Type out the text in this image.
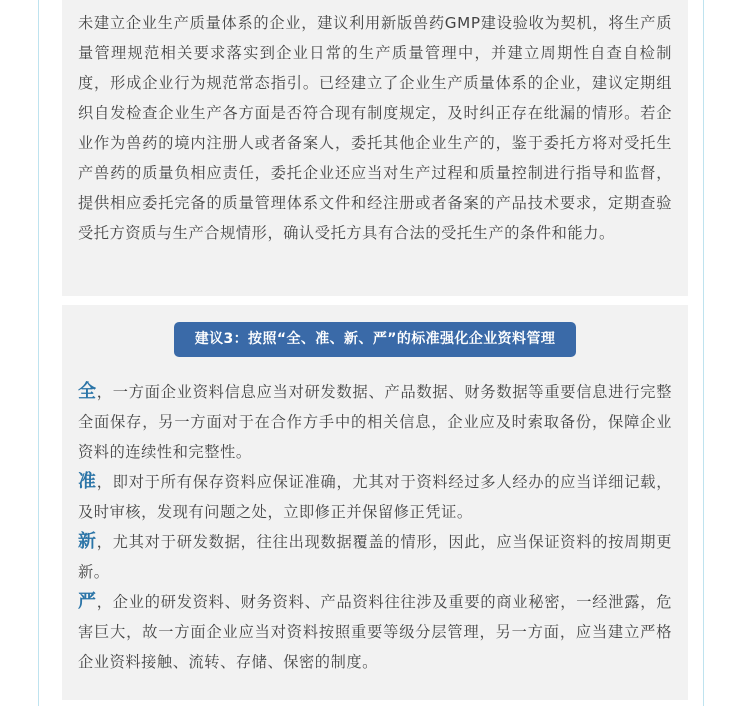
未建立企业生产质量体系的企业，建议利用新版兽药GMP建设验收为契机，将生产质量管理规范相关要求落实到企业日常的生产质量管理中，并建立周期性自查自检制度，形成企业行为规范常态指引。已经建立了企业生产质量体系的企业，建议定期组织自发检查企业生产各方面是否符合现有制度规定，及时纠正存在纰漏的情形。若企业作为兽药的境内注册人或者备案人，委托其他企业生产的，鉴于委托方将对受托生产兽药的质量负相应责任，委托企业还应当对生产过程和质量控制进行指导和监督，提供相应委托完备的质量管理体系文件和经注册或者备案的产品技术要求，定期查验受托方资质与生产合规情形，确认受托方具有合法的受托生产的条件和能力。

建议3：按照“全、准、新、严”的标准强化企业资料管理

全，一方面企业资料信息应当对研发数据、产品数据、财务数据等重要信息进行完整全面保存，另一方面对于在合作方手中的相关信息，企业应及时索取备份，保障企业资料的连续性和完整性。

准，即对于所有保存资料应保证准确，尤其对于资料经过多人经办的应当详细记载，及时审核，发现有问题之处，立即修正并保留修正凭证。

新，尤其对于研发数据，往往出现数据覆盖的情形，因此，应当保证资料的按周期更新。

严，企业的研发资料、财务资料、产品资料往往涉及重要的商业秘密，一经泄露，危害巨大，故一方面企业应当对资料按照重要等级分层管理，另一方面，应当建立严格企业资料接触、流转、存储、保密的制度。
